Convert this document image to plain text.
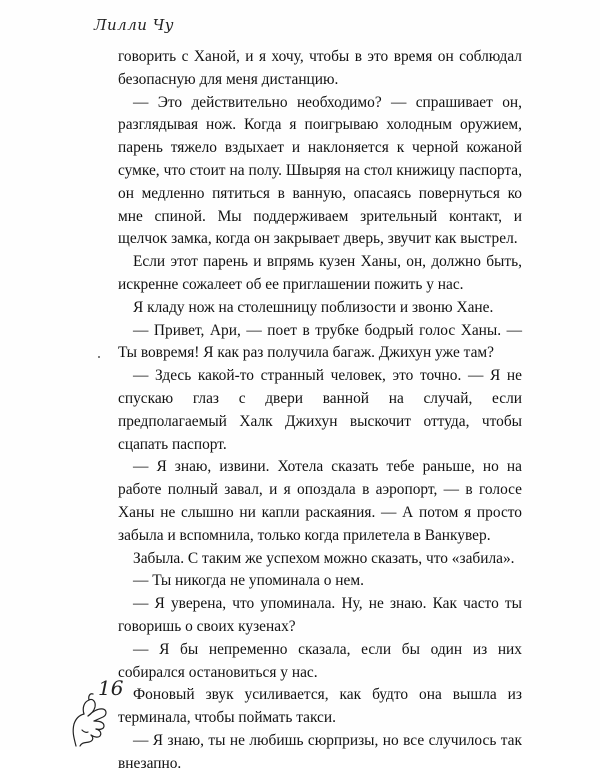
Лилли Чу

говорить с Ханой, и я хочу, чтобы в это время он соблюдал безопасную для меня дистанцию.

— Это действительно необходимо? — спрашивает он, разглядывая нож. Когда я поигрываю холодным оружием, парень тяжело вздыхает и наклоняется к черной кожаной сумке, что стоит на полу. Швыряя на стол книжицу паспорта, он медленно пятиться в ванную, опасаясь повернуться ко мне спиной. Мы поддерживаем зрительный контакт, и щелчок замка, когда он закрывает дверь, звучит как выстрел.

Если этот парень и впрямь кузен Ханы, он, должно быть, искренне сожалеет об ее приглашении пожить у нас.

Я кладу нож на столешницу поблизости и звоню Хане.

— Привет, Ари, — поет в трубке бодрый голос Ханы. — Ты вовремя! Я как раз получила багаж. Джихун уже там?

— Здесь какой-то странный человек, это точно. — Я не спускаю глаз с двери ванной на случай, если предполагаемый Халк Джихун выскочит оттуда, чтобы сцапать паспорт.

— Я знаю, извини. Хотела сказать тебе раньше, но на работе полный завал, и я опоздала в аэропорт, — в голосе Ханы не слышно ни капли раскаяния. — А потом я просто забыла и вспомнила, только когда прилетела в Ванкувер.

Забыла. С таким же успехом можно сказать, что «забила».

— Ты никогда не упоминала о нем.

— Я уверена, что упоминала. Ну, не знаю. Как часто ты говоришь о своих кузенах?

— Я бы непременно сказала, если бы один из них собирался остановиться у нас.

Фоновый звук усиливается, как будто она вышла из терминала, чтобы поймать такси.

— Я знаю, ты не любишь сюрпризы, но все случилось так внезапно.

16
